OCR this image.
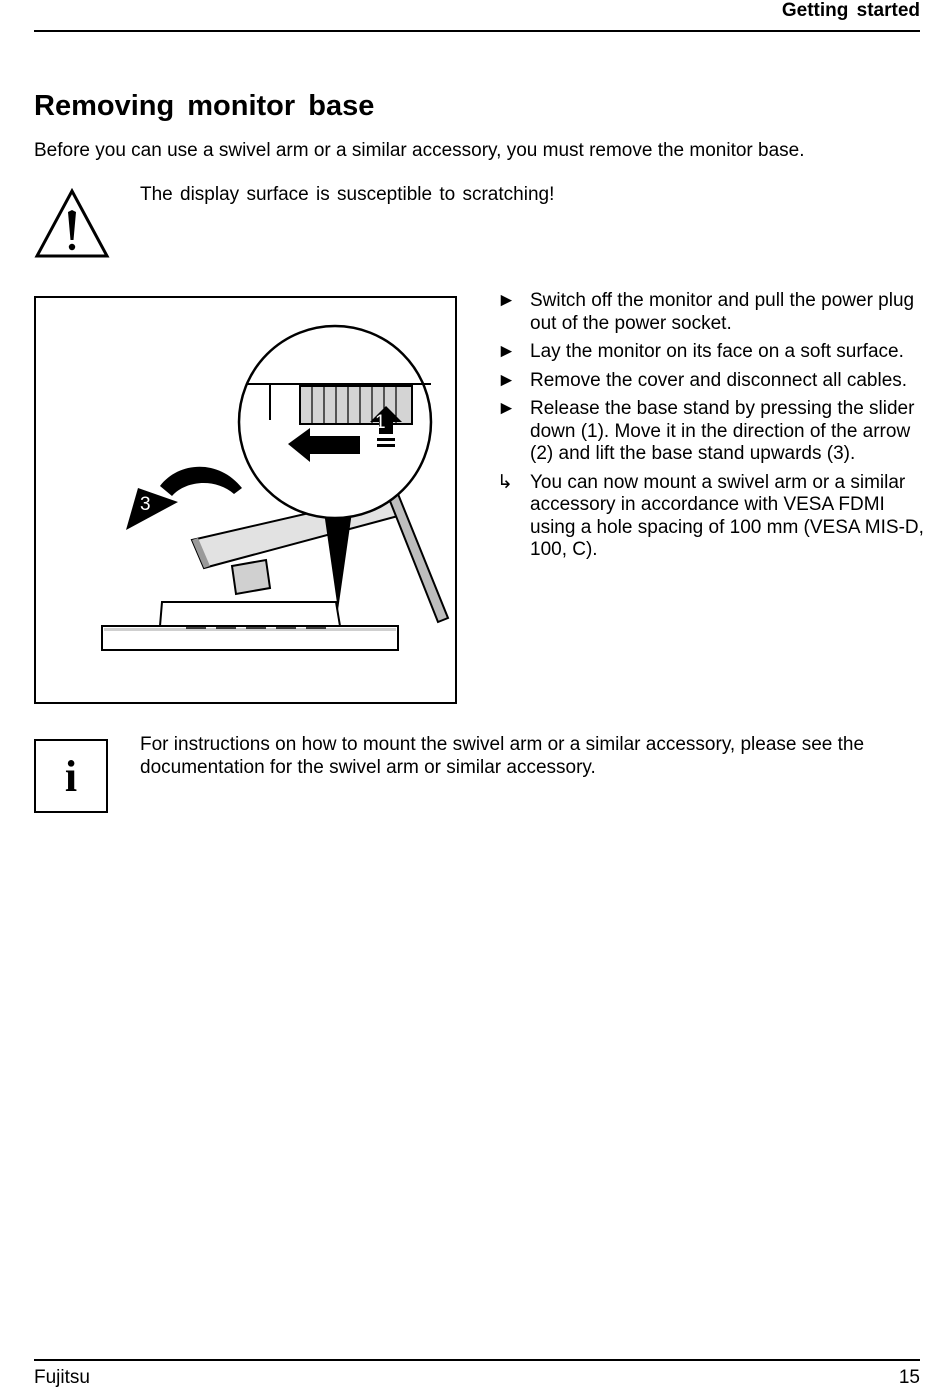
Getting started
Removing monitor base

Before you can use a swivel arm or a similar accessory, you must remove the monitor base.

The display surface is susceptible to scratching!

1
2
3
► Switch off the monitor and pull the power plug out of the power socket.
► Lay the monitor on its face on a soft surface.
► Remove the cover and disconnect all cables.
► Release the base stand by pressing the slider down (1). Move it in the direction of the arrow (2) and lift the base stand upwards (3).
↳ You can now mount a swivel arm or a similar accessory in accordance with VESA FDMI using a hole spacing of 100 mm (VESA MIS-D, 100, C).
i

For instructions on how to mount the swivel arm or a similar accessory, please see the documentation for the swivel arm or similar accessory.

Fujitsu	15
